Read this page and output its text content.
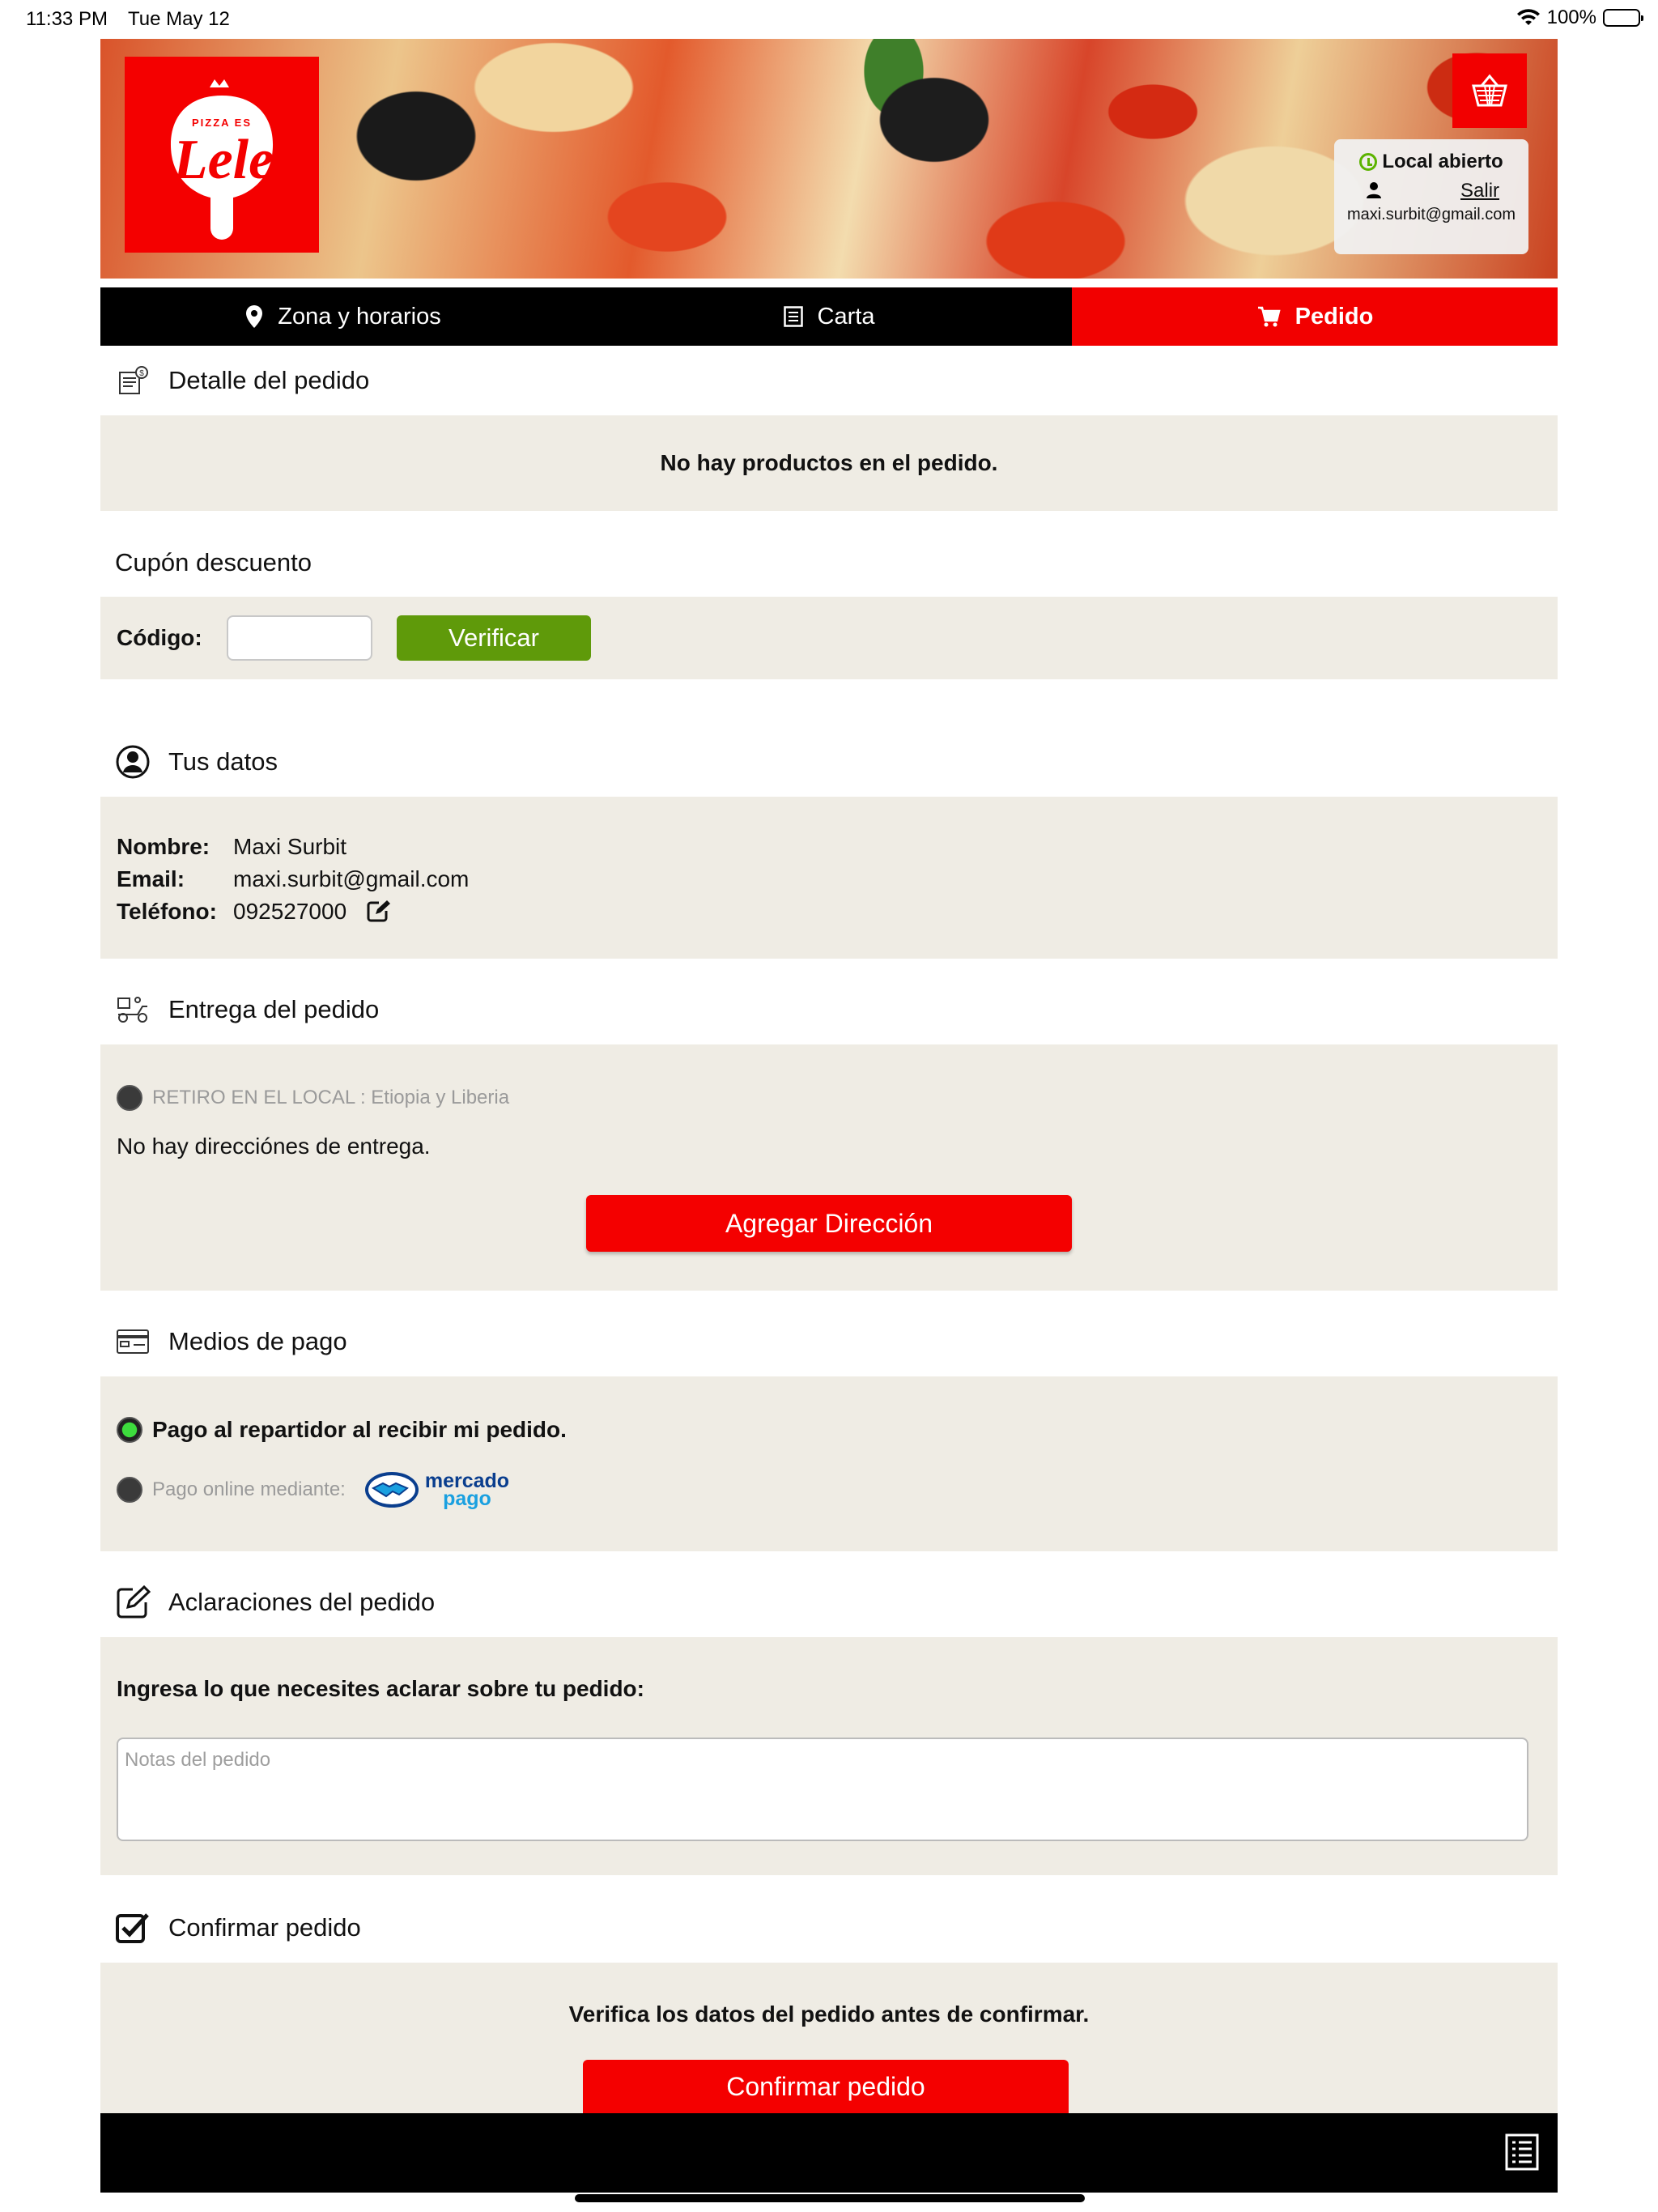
11:33 PM Tue May 12	100%
PIZZA ES
Lele	Local abierto
Salir
maxi.surbit@gmail.com
Zona y horarios	Carta	Pedido
$ Detalle del pedido
No hay productos en el pedido.
Cupón descuento
Código:	Verificar
Tus datos
Nombre:	Maxi Surbit
Email:	maxi.surbit@gmail.com
Teléfono: 092527000
Entrega del pedido
RETIRO EN EL LOCAL : Etiopia y Liberia
No hay direcciónes de entrega.
Agregar Dirección
Medios de pago
Pago al repartidor al recibir mi pedido.
Pago online mediante:	mercado
pago
Aclaraciones del pedido
Ingresa lo que necesites aclarar sobre tu pedido:
Notas del pedido
Confirmar pedido
Verifica los datos del pedido antes de confirmar.
Confirmar pedido
